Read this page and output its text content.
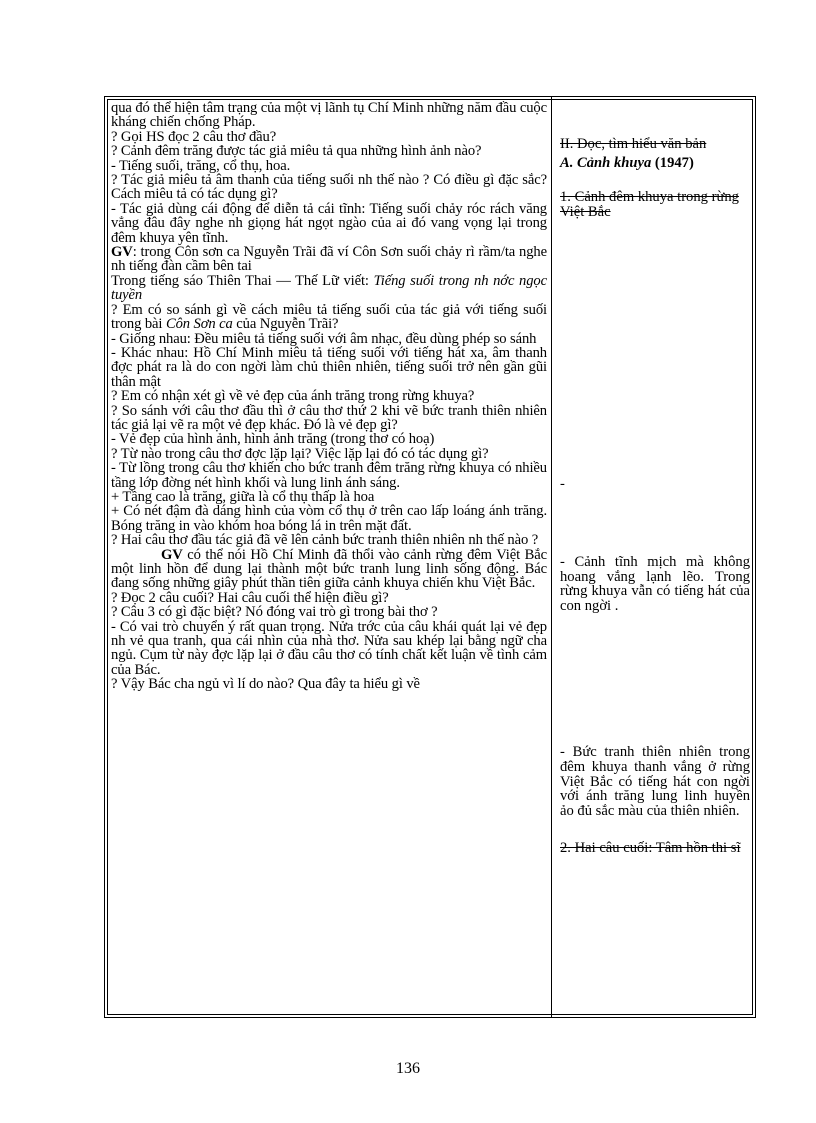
qua đó thể hiện tâm trạng của một vị lãnh tụ Chí Minh những năm đầu cuộc kháng chiến chống Pháp.

? Gọi HS đọc 2 câu thơ đầu?

? Cảnh đêm trăng được tác giả miêu tả qua những hình ảnh nào?

- Tiếng suối, trăng, cổ thụ, hoa.

? Tác giả miêu tả âm thanh của tiếng suối nh thế nào ? Có điều gì đặc sắc? Cách miêu tả có tác dụng gì?

- Tác giả dùng cái động để diễn tả cái tĩnh: Tiếng suối chảy róc rách văng vẳng đâu đây nghe nh giọng hát ngọt ngào của ai đó vang vọng lại trong đêm khuya yên tĩnh.

GV: trong Côn sơn ca Nguyễn Trãi đã ví Côn Sơn suối chảy rì rầm/ta nghe nh tiếng đàn cầm bên tai

Trong tiếng sáo Thiên Thai — Thế Lữ viết: Tiếng suối trong nh nớc ngọc tuyền

? Em có so sánh gì về cách miêu tả tiếng suối của tác giả với tiếng suối trong bài Côn Sơn ca của Nguyễn Trãi?

- Giống nhau: Đều miêu tả tiếng suối với âm nhạc, đều dùng phép so sánh

- Khác nhau: Hồ Chí Minh miêu tả tiếng suối với tiếng hát xa, âm thanh đợc phát ra là do con ngời làm chủ thiên nhiên, tiếng suối trở nên gần gũi thân mật

? Em có nhận xét gì về vẻ đẹp của ánh trăng trong rừng khuya?

? So sánh với câu thơ đầu thì ở câu thơ thứ 2 khi vẽ bức tranh thiên nhiên tác giả lại vẽ ra một vẻ đẹp khác. Đó là vẻ đẹp gì?

- Vẻ đẹp của hình ảnh, hình ảnh trăng (trong thơ có hoạ)

? Từ nào trong câu thơ đợc lặp lại? Việc lặp lại đó có tác dụng gì?

- Từ lồng trong câu thơ khiến cho bức tranh đêm trăng rừng khuya có nhiều tầng lớp đờng nét hình khối và lung linh ánh sáng.

+ Tầng cao là trăng, giữa là cổ thụ thấp là hoa

+ Có nét đậm đà dáng hình của vòm cổ thụ ở trên cao lấp loáng ánh trăng. Bóng trăng in vào khóm hoa bóng lá in trên mặt đất.

? Hai câu thơ đầu tác giả đã vẽ lên cảnh bức tranh thiên nhiên nh thế nào ?

GV có thể nói Hồ Chí Minh đã thổi vào cảnh rừng đêm Việt Bắc một linh hồn để dung lại thành một bức tranh lung linh sống động. Bác đang sống những giây phút thần tiên giữa cảnh khuya chiến khu Việt Bắc.

? Đọc 2 câu cuối? Hai câu cuối thể hiện điều gì?

? Câu 3 có gì đặc biệt? Nó đóng vai trò gì trong bài thơ ?

- Có vai trò chuyển ý rất quan trọng. Nửa trớc của câu khái quát lại vẻ đẹp nh vẻ qua tranh, qua cái nhìn của nhà thơ. Nửa sau khép lại bằng ngữ cha ngủ. Cụm từ này đợc lặp lại ở đầu câu thơ có tính chất kết luận về tình cảm của Bác.

? Vậy Bác cha ngủ vì lí do nào? Qua đây ta hiểu gì về

II. Đọc, tìm hiểu văn bản

A. Cảnh khuya (1947)

1. Cảnh đêm khuya trong rừng Việt Bắc

-

- Cảnh tĩnh mịch mà không hoang vắng lạnh lẽo. Trong rừng khuya vẫn có tiếng hát của con ngời .

- Bức tranh thiên nhiên trong đêm khuya thanh vắng ở rừng Việt Bắc có tiếng hát con ngời với ánh trăng lung linh huyền ảo đủ sắc màu của thiên nhiên.

2. Hai câu cuối: Tâm hồn thi sĩ

136
